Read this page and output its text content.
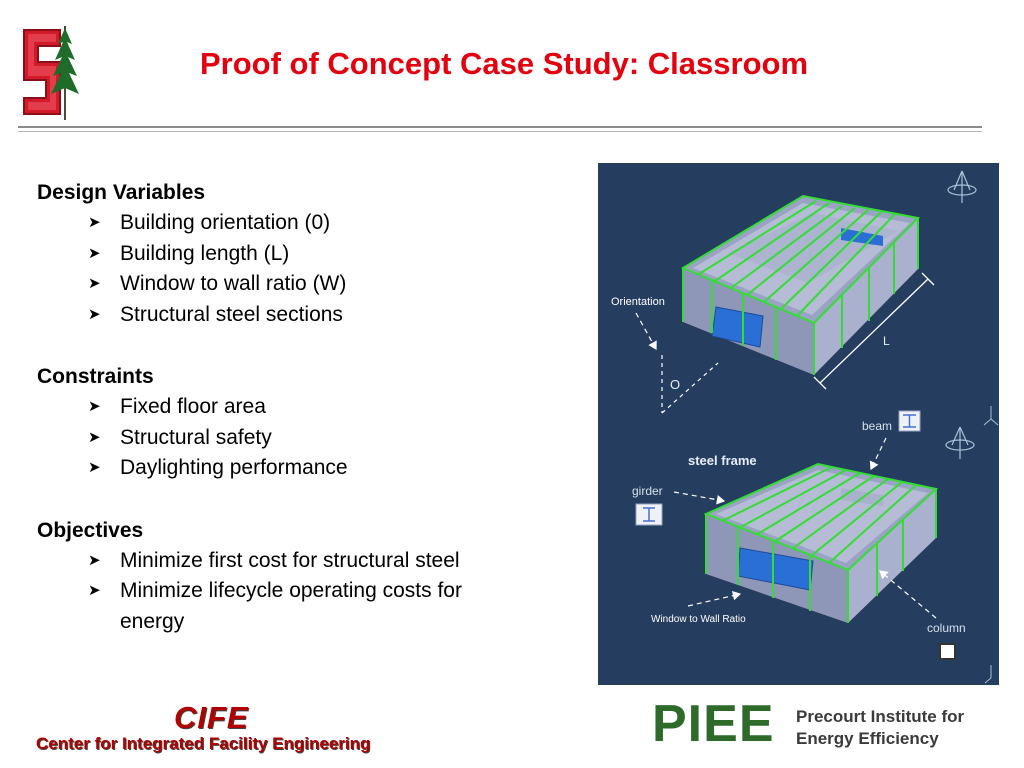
Proof of Concept Case Study: Classroom
Design Variables
➤ Building orientation (0)
➤ Building length (L)
➤ Window to wall ratio (W)
➤ Structural steel sections
Constraints
➤ Fixed floor area
➤ Structural safety
➤ Daylighting performance
Objectives
➤ Minimize first cost for structural steel
➤ Minimize lifecycle operating costs for
energy
L
Orientation
O
beam
steel frame
girder
Window to Wall Ratio
column
CIFE
Center for Integrated Facility Engineering	PIEE Precourt Institute for
Energy Efficiency
